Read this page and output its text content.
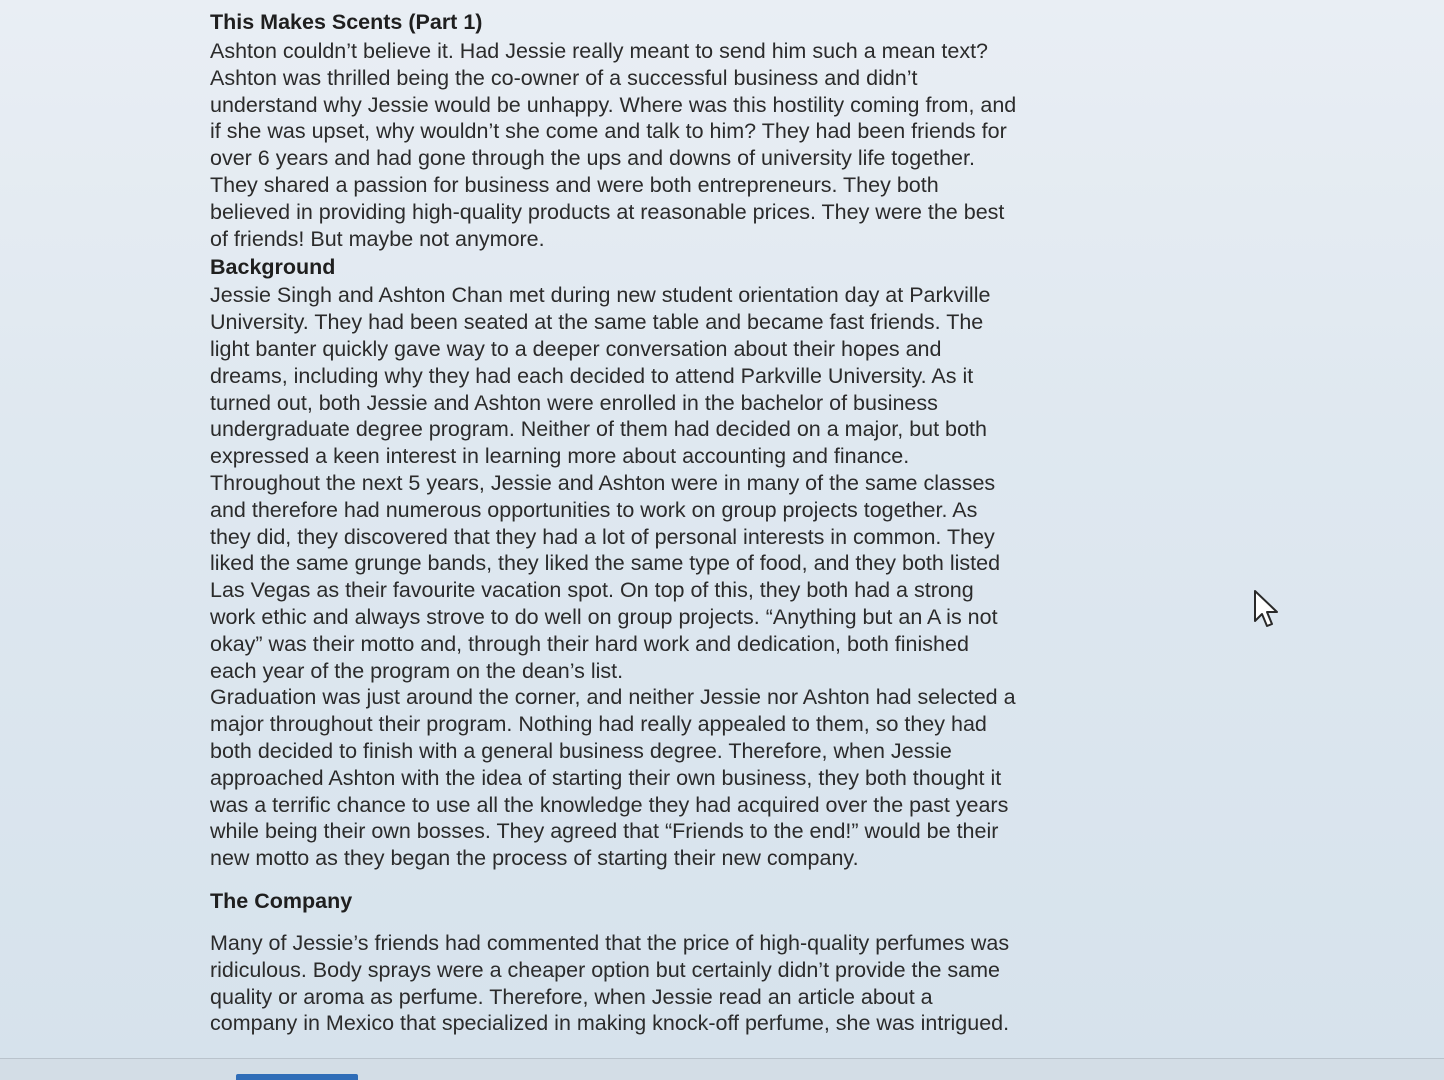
This Makes Scents (Part 1)

Ashton couldn’t believe it. Had Jessie really meant to send him such a mean text?
Ashton was thrilled being the co-owner of a successful business and didn’t
understand why Jessie would be unhappy. Where was this hostility coming from, and
if she was upset, why wouldn’t she come and talk to him? They had been friends for
over 6 years and had gone through the ups and downs of university life together.
They shared a passion for business and were both entrepreneurs. They both
believed in providing high-quality products at reasonable prices. They were the best
of friends! But maybe not anymore.

Background

Jessie Singh and Ashton Chan met during new student orientation day at Parkville
University. They had been seated at the same table and became fast friends. The
light banter quickly gave way to a deeper conversation about their hopes and
dreams, including why they had each decided to attend Parkville University. As it
turned out, both Jessie and Ashton were enrolled in the bachelor of business
undergraduate degree program. Neither of them had decided on a major, but both
expressed a keen interest in learning more about accounting and finance.

Throughout the next 5 years, Jessie and Ashton were in many of the same classes
and therefore had numerous opportunities to work on group projects together. As
they did, they discovered that they had a lot of personal interests in common. They
liked the same grunge bands, they liked the same type of food, and they both listed
Las Vegas as their favourite vacation spot. On top of this, they both had a strong
work ethic and always strove to do well on group projects. “Anything but an A is not
okay” was their motto and, through their hard work and dedication, both finished
each year of the program on the dean’s list.

Graduation was just around the corner, and neither Jessie nor Ashton had selected a
major throughout their program. Nothing had really appealed to them, so they had
both decided to finish with a general business degree. Therefore, when Jessie
approached Ashton with the idea of starting their own business, they both thought it
was a terrific chance to use all the knowledge they had acquired over the past years
while being their own bosses. They agreed that “Friends to the end!” would be their
new motto as they began the process of starting their new company.

The Company

Many of Jessie’s friends had commented that the price of high-quality perfumes was
ridiculous. Body sprays were a cheaper option but certainly didn’t provide the same
quality or aroma as perfume. Therefore, when Jessie read an article about a
company in Mexico that specialized in making knock-off perfume, she was intrigued.
